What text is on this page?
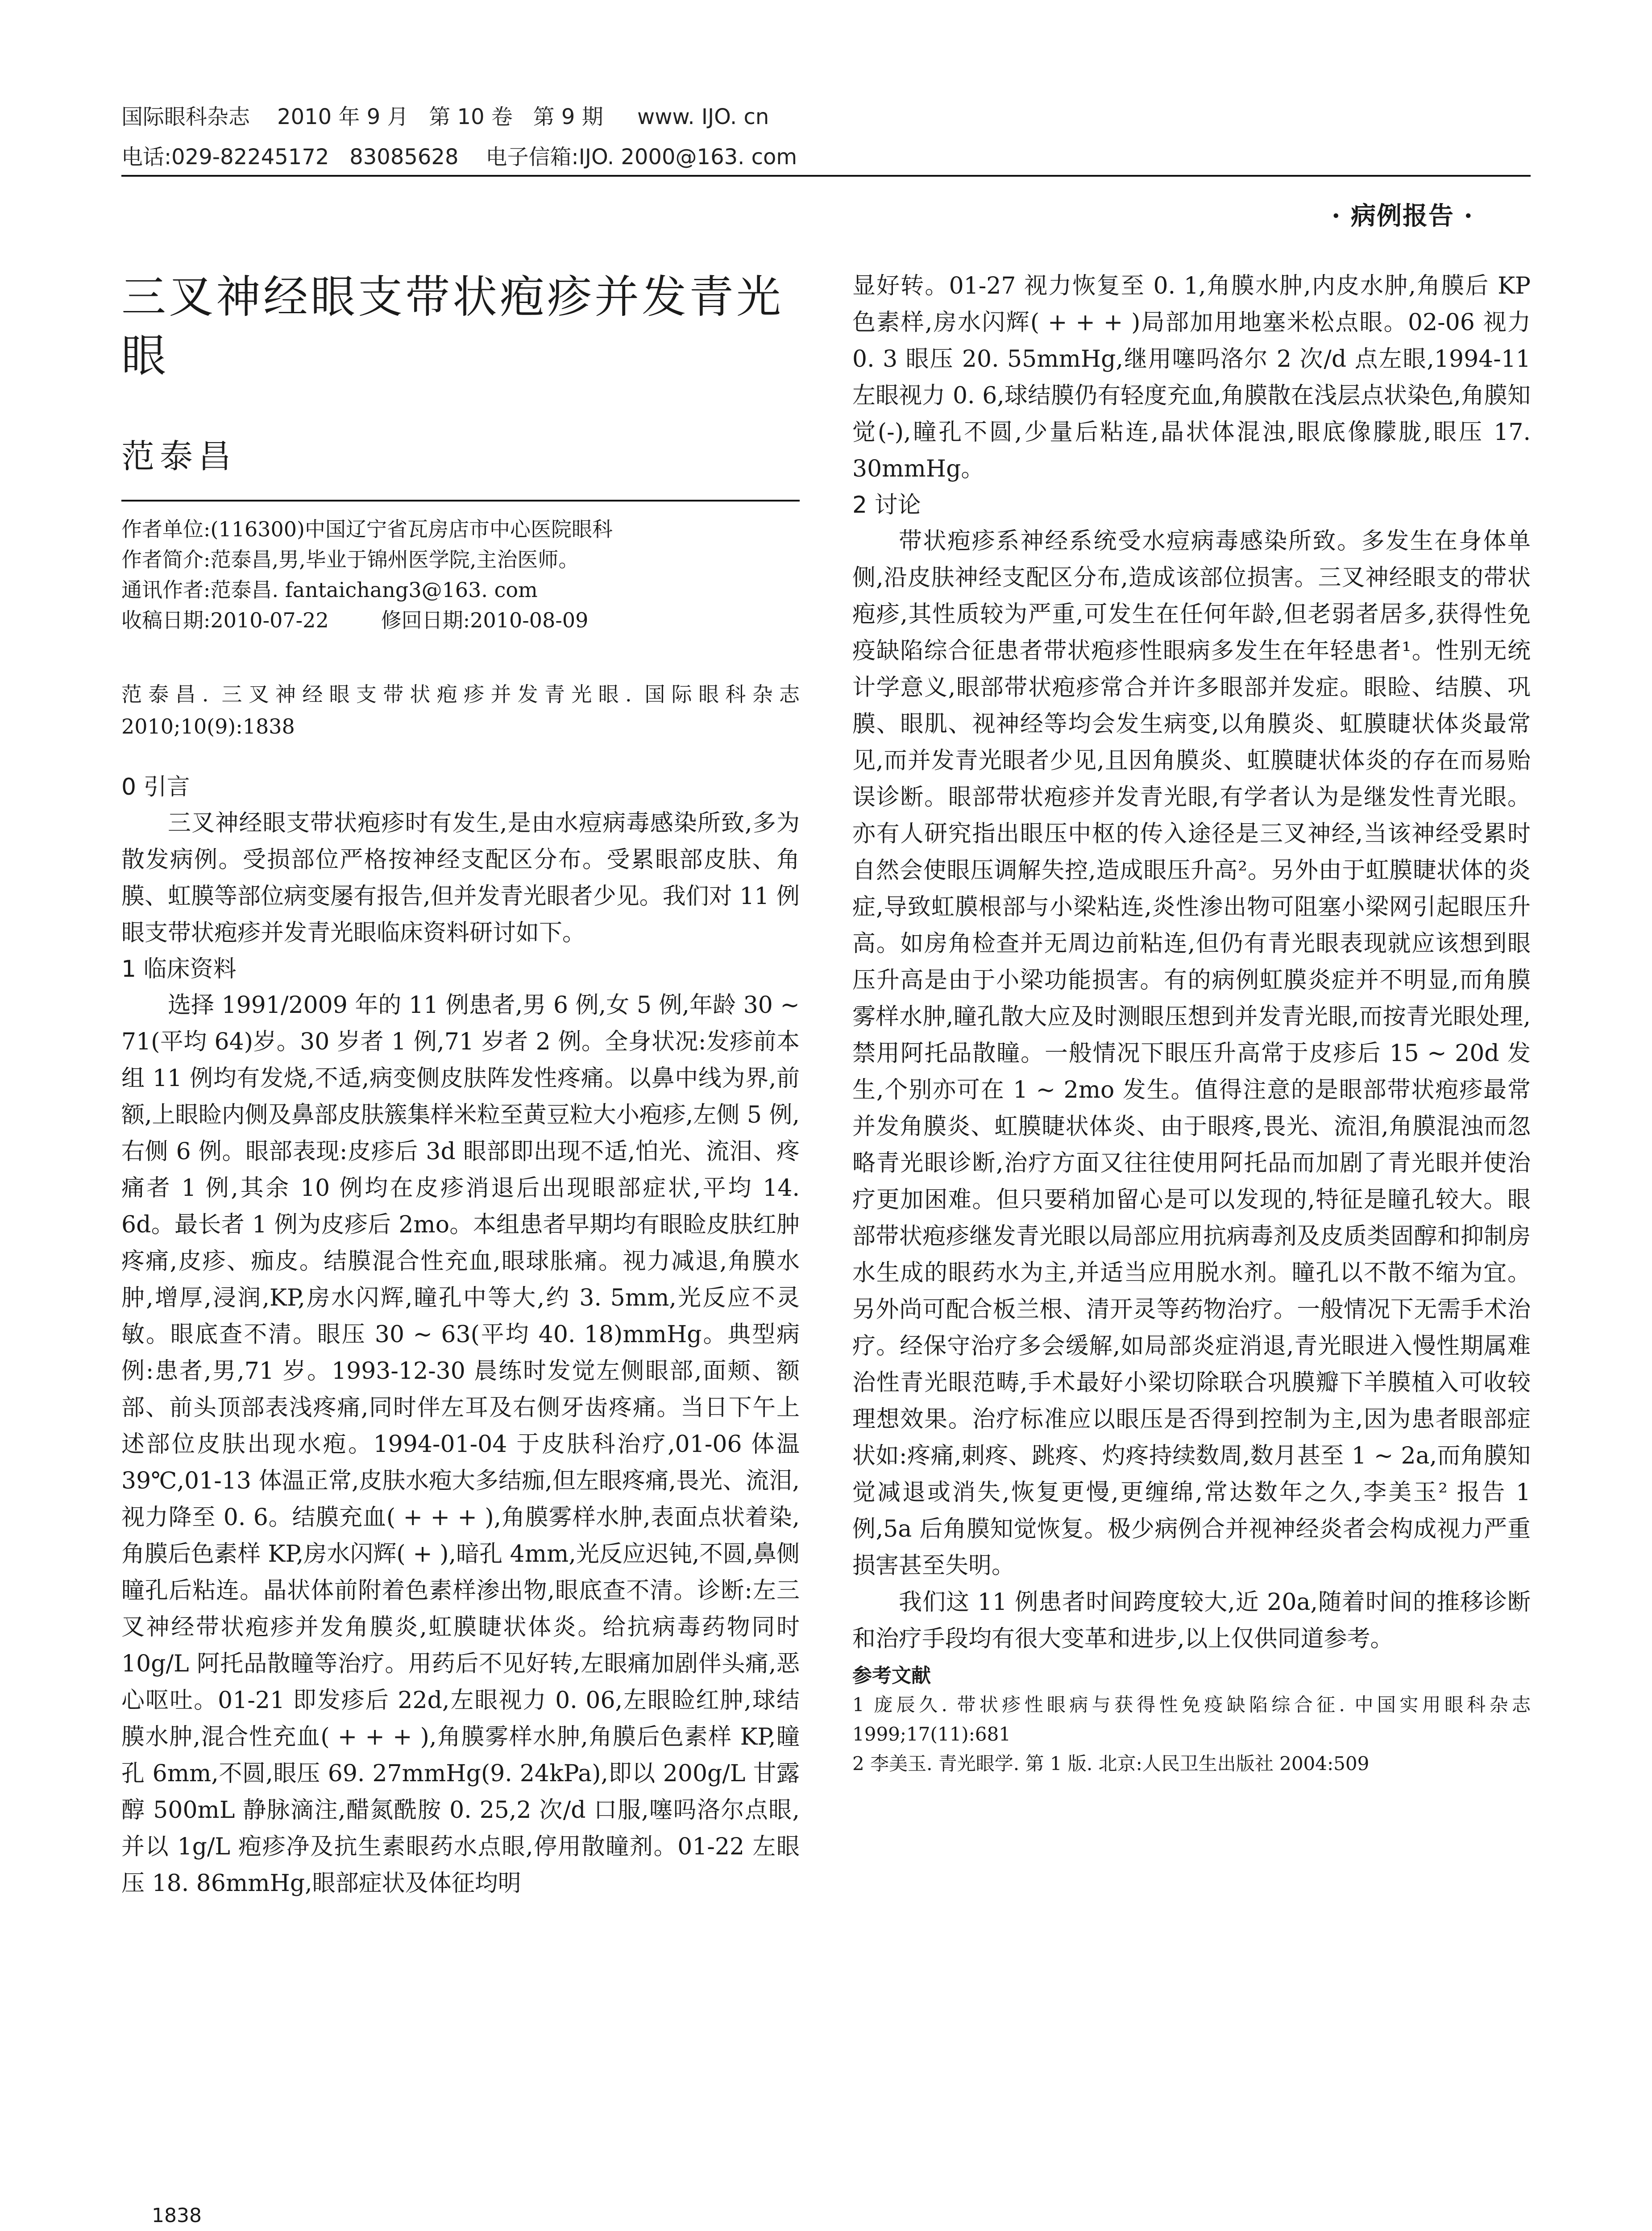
国际眼科杂志    2010 年 9 月   第 10 卷   第 9 期     www. IJO. cn
电话:029-82245172   83085628    电子信箱:IJO. 2000@163. com
· 病例报告 ·
三叉神经眼支带状疱疹并发青光眼
范泰昌
作者单位:(116300)中国辽宁省瓦房店市中心医院眼科
作者简介:范泰昌,男,毕业于锦州医学院,主治医师。
通讯作者:范泰昌. fantaichang3@163. com
收稿日期:2010-07-22        修回日期:2010-08-09
范泰昌. 三叉神经眼支带状疱疹并发青光眼. 国际眼科杂志 2010;10(9):1838
0 引言

三叉神经眼支带状疱疹时有发生,是由水痘病毒感染所致,多为散发病例。受损部位严格按神经支配区分布。受累眼部皮肤、角膜、虹膜等部位病变屡有报告,但并发青光眼者少见。我们对 11 例眼支带状疱疹并发青光眼临床资料研讨如下。

1 临床资料

选择 1991/2009 年的 11 例患者,男 6 例,女 5 例,年龄 30 ~ 71(平均 64)岁。30 岁者 1 例,71 岁者 2 例。全身状况:发疹前本组 11 例均有发烧,不适,病变侧皮肤阵发性疼痛。以鼻中线为界,前额,上眼睑内侧及鼻部皮肤簇集样米粒至黄豆粒大小疱疹,左侧 5 例,右侧 6 例。眼部表现:皮疹后 3d 眼部即出现不适,怕光、流泪、疼痛者 1 例,其余 10 例均在皮疹消退后出现眼部症状,平均 14. 6d。最长者 1 例为皮疹后 2mo。本组患者早期均有眼睑皮肤红肿疼痛,皮疹、痂皮。结膜混合性充血,眼球胀痛。视力减退,角膜水肿,增厚,浸润,KP,房水闪辉,瞳孔中等大,约 3. 5mm,光反应不灵敏。眼底查不清。眼压 30 ~ 63(平均 40. 18)mmHg。典型病例:患者,男,71 岁。1993-12-30 晨练时发觉左侧眼部,面颊、额部、前头顶部表浅疼痛,同时伴左耳及右侧牙齿疼痛。当日下午上述部位皮肤出现水疱。1994-01-04 于皮肤科治疗,01-06 体温 39℃,01-13 体温正常,皮肤水疱大多结痂,但左眼疼痛,畏光、流泪,视力降至 0. 6。结膜充血( + + + ),角膜雾样水肿,表面点状着染,角膜后色素样 KP,房水闪辉( + ),暗孔 4mm,光反应迟钝,不圆,鼻侧瞳孔后粘连。晶状体前附着色素样渗出物,眼底查不清。诊断:左三叉神经带状疱疹并发角膜炎,虹膜睫状体炎。给抗病毒药物同时 10g/L 阿托品散瞳等治疗。用药后不见好转,左眼痛加剧伴头痛,恶心呕吐。01-21 即发疹后 22d,左眼视力 0. 06,左眼睑红肿,球结膜水肿,混合性充血( + + + ),角膜雾样水肿,角膜后色素样 KP,瞳孔 6mm,不圆,眼压 69. 27mmHg(9. 24kPa),即以 200g/L 甘露醇 500mL 静脉滴注,醋氮酰胺 0. 25,2 次/d 口服,噻吗洛尔点眼,并以 1g/L 疱疹净及抗生素眼药水点眼,停用散瞳剂。01-22 左眼压 18. 86mmHg,眼部症状及体征均明

显好转。01-27 视力恢复至 0. 1,角膜水肿,内皮水肿,角膜后 KP 色素样,房水闪辉( + + + )局部加用地塞米松点眼。02-06 视力 0. 3 眼压 20. 55mmHg,继用噻吗洛尔 2 次/d 点左眼,1994-11 左眼视力 0. 6,球结膜仍有轻度充血,角膜散在浅层点状染色,角膜知觉(-),瞳孔不圆,少量后粘连,晶状体混浊,眼底像朦胧,眼压 17. 30mmHg。

2 讨论

带状疱疹系神经系统受水痘病毒感染所致。多发生在身体单侧,沿皮肤神经支配区分布,造成该部位损害。三叉神经眼支的带状疱疹,其性质较为严重,可发生在任何年龄,但老弱者居多,获得性免疫缺陷综合征患者带状疱疹性眼病多发生在年轻患者¹。性别无统计学意义,眼部带状疱疹常合并许多眼部并发症。眼睑、结膜、巩膜、眼肌、视神经等均会发生病变,以角膜炎、虹膜睫状体炎最常见,而并发青光眼者少见,且因角膜炎、虹膜睫状体炎的存在而易贻误诊断。眼部带状疱疹并发青光眼,有学者认为是继发性青光眼。亦有人研究指出眼压中枢的传入途径是三叉神经,当该神经受累时自然会使眼压调解失控,造成眼压升高²。另外由于虹膜睫状体的炎症,导致虹膜根部与小梁粘连,炎性渗出物可阻塞小梁网引起眼压升高。如房角检查并无周边前粘连,但仍有青光眼表现就应该想到眼压升高是由于小梁功能损害。有的病例虹膜炎症并不明显,而角膜雾样水肿,瞳孔散大应及时测眼压想到并发青光眼,而按青光眼处理,禁用阿托品散瞳。一般情况下眼压升高常于皮疹后 15 ~ 20d 发生,个别亦可在 1 ~ 2mo 发生。值得注意的是眼部带状疱疹最常并发角膜炎、虹膜睫状体炎、由于眼疼,畏光、流泪,角膜混浊而忽略青光眼诊断,治疗方面又往往使用阿托品而加剧了青光眼并使治疗更加困难。但只要稍加留心是可以发现的,特征是瞳孔较大。眼部带状疱疹继发青光眼以局部应用抗病毒剂及皮质类固醇和抑制房水生成的眼药水为主,并适当应用脱水剂。瞳孔以不散不缩为宜。另外尚可配合板兰根、清开灵等药物治疗。一般情况下无需手术治疗。经保守治疗多会缓解,如局部炎症消退,青光眼进入慢性期属难治性青光眼范畴,手术最好小梁切除联合巩膜瓣下羊膜植入可收较理想效果。治疗标准应以眼压是否得到控制为主,因为患者眼部症状如:疼痛,刺疼、跳疼、灼疼持续数周,数月甚至 1 ~ 2a,而角膜知觉减退或消失,恢复更慢,更缠绵,常达数年之久,李美玉² 报告 1 例,5a 后角膜知觉恢复。极少病例合并视神经炎者会构成视力严重损害甚至失明。

我们这 11 例患者时间跨度较大,近 20a,随着时间的推移诊断和治疗手段均有很大变革和进步,以上仅供同道参考。

参考文献
1 庞辰久. 带状疹性眼病与获得性免疫缺陷综合征. 中国实用眼科杂志 1999;17(11):681
2 李美玉. 青光眼学. 第 1 版. 北京:人民卫生出版社 2004:509
1838
